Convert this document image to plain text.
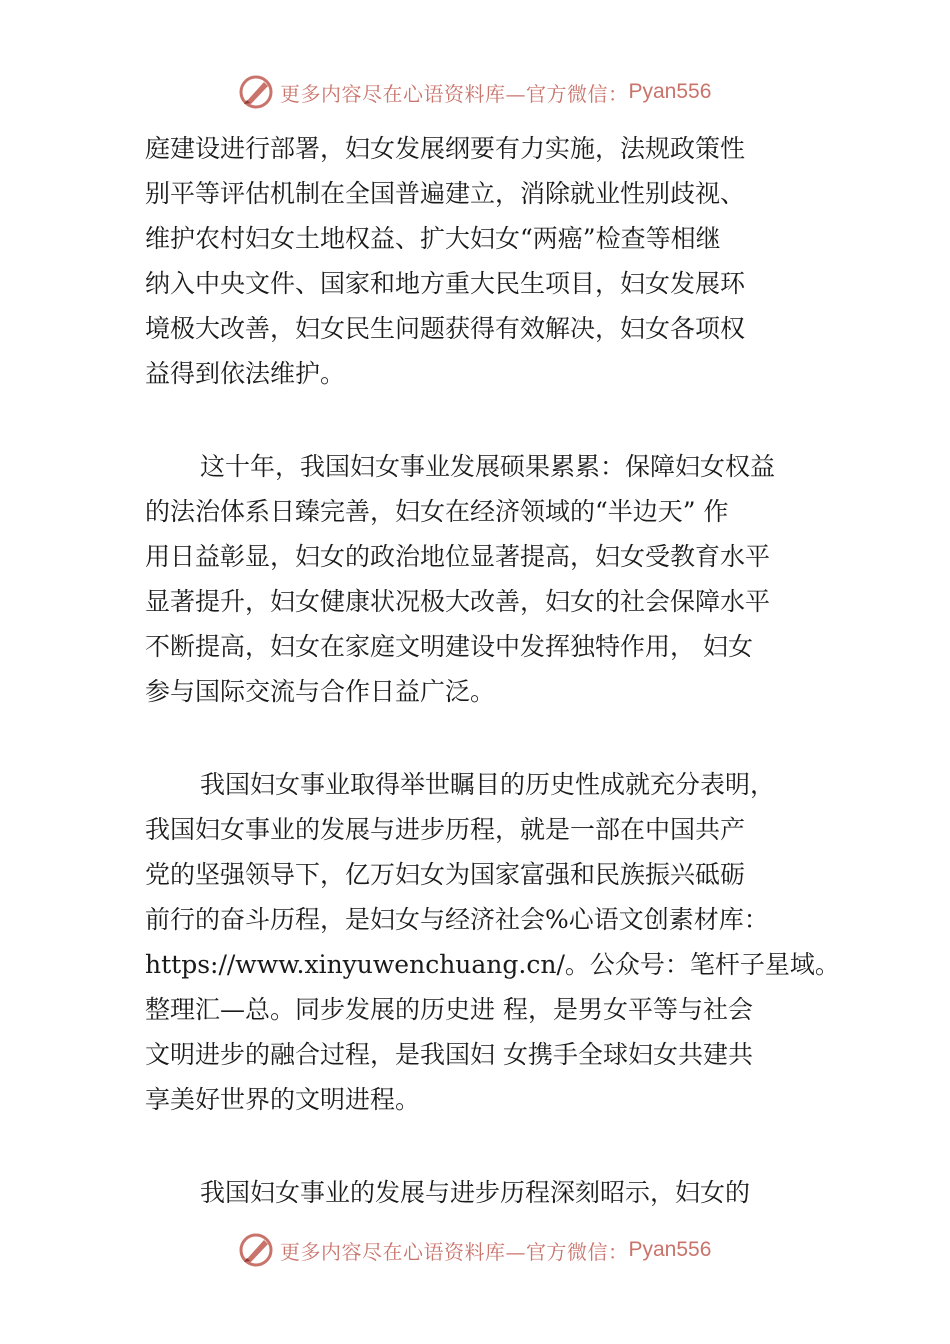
更多内容尽在心语资料库—官方微信： Pyan556
庭建设进行部署，妇女发展纲要有力实施，法规政策性
别平等评估机制在全国普遍建立，消除就业性别歧视、
维护农村妇女土地权益、扩大妇女“两癌”检查等相继
纳入中央文件、国家和地方重大民生项目，妇女发展环
境极大改善，妇女民生问题获得有效解决，妇女各项权
益得到依法维护。
这十年，我国妇女事业发展硕果累累：保障妇女权益
的法治体系日臻完善，妇女在经济领域的“半边天” 作
用日益彰显，妇女的政治地位显著提高，妇女受教育水平
显著提升，妇女健康状况极大改善，妇女的社会保障水平
不断提高，妇女在家庭文明建设中发挥独特作用， 妇女
参与国际交流与合作日益广泛。
我国妇女事业取得举世瞩目的历史性成就充分表明，
我国妇女事业的发展与进步历程，就是一部在中国共产
党的坚强领导下，亿万妇女为国家富强和民族振兴砥砺
前行的奋斗历程，是妇女与经济社会%心语文创素材库：
https://www.xinyuwenchuang.cn/。公众号：笔杆子星域。
整理汇—总。同步发展的历史进 程，是男女平等与社会
文明进步的融合过程，是我国妇 女携手全球妇女共建共
享美好世界的文明进程。
我国妇女事业的发展与进步历程深刻昭示，妇女的
更多内容尽在心语资料库—官方微信： Pyan556
